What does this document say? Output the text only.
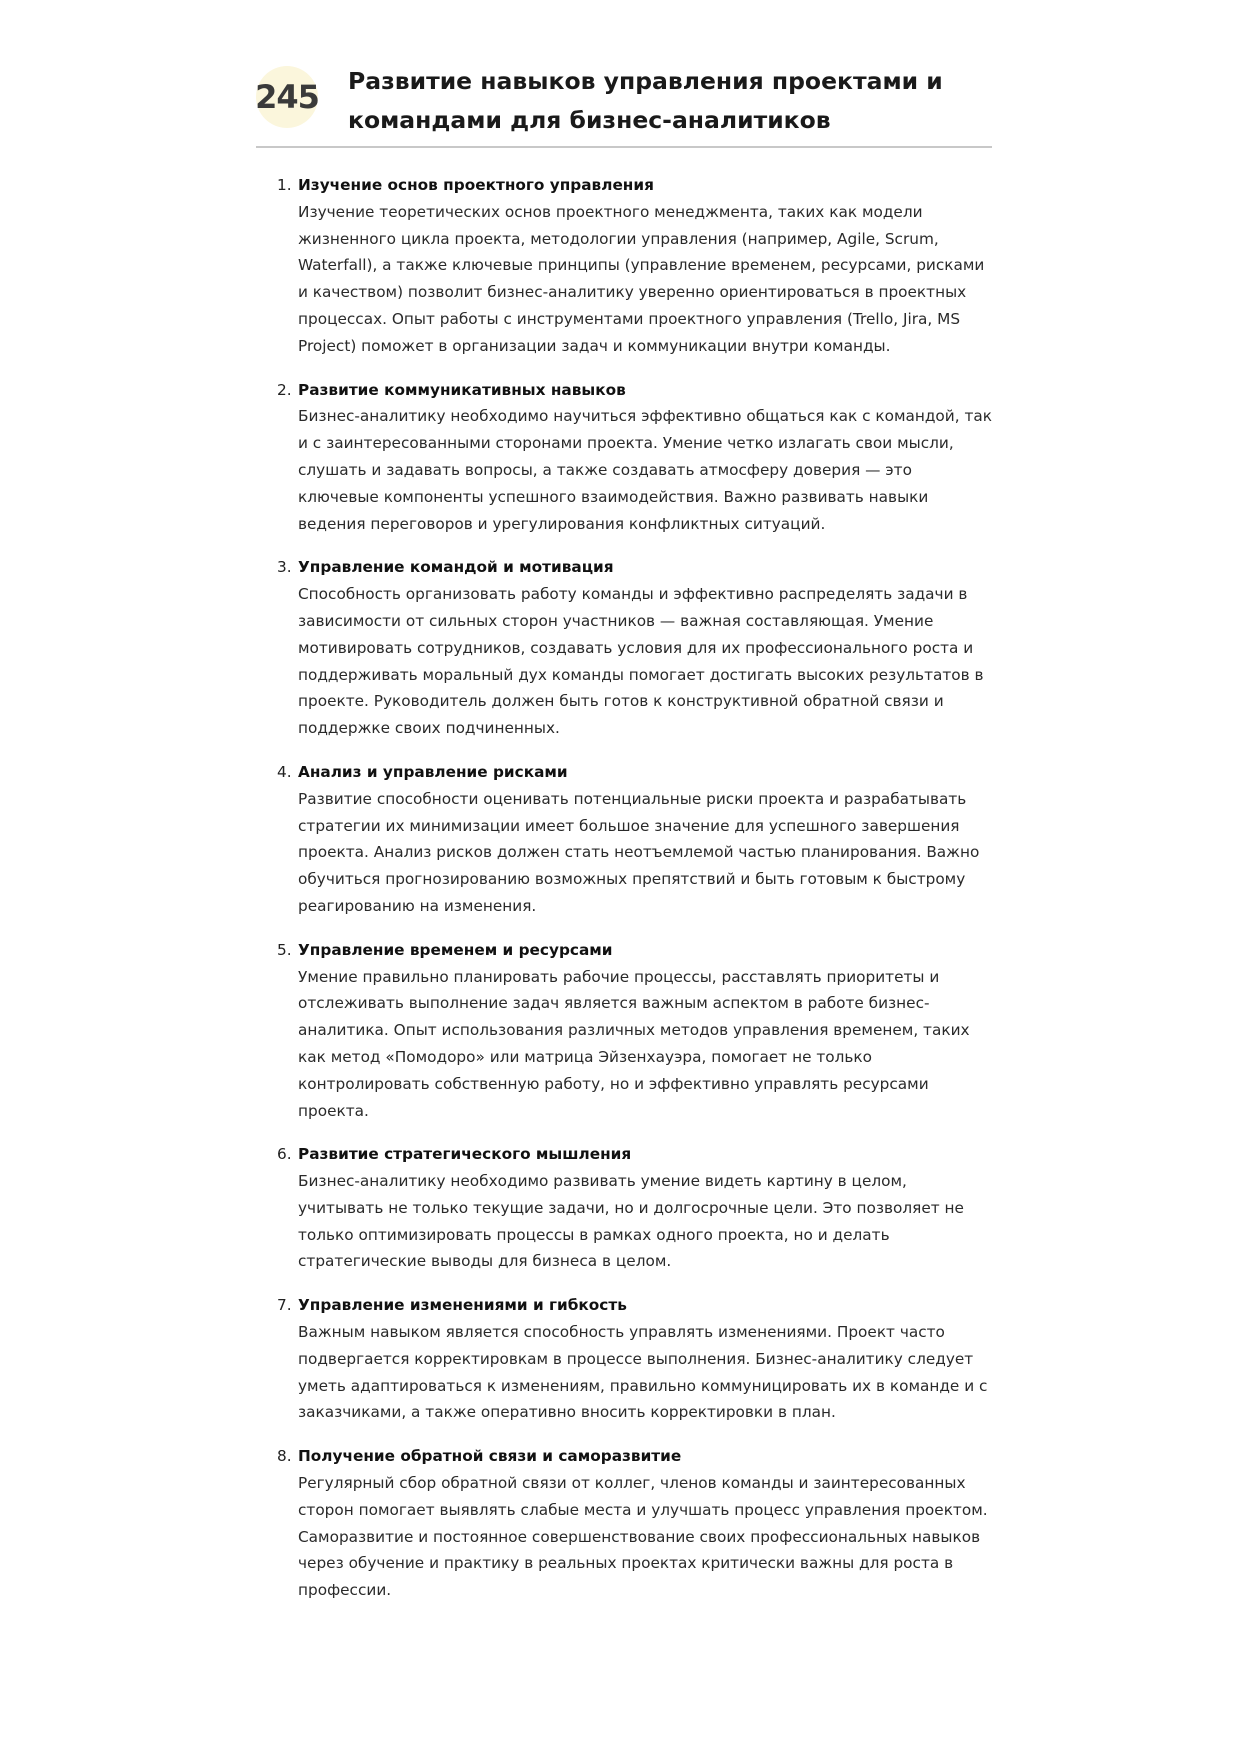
245 Развитие навыков управления проектами и командами для бизнес-аналитиков
1. Изучение основ проектного управления

Изучение теоретических основ проектного менеджмента, таких как модели жизненного цикла проекта, методологии управления (например, Agile, Scrum, Waterfall), а также ключевые принципы (управление временем, ресурсами, рисками и качеством) позволит бизнес-аналитику уверенно ориентироваться в проектных процессах. Опыт работы с инструментами проектного управления (Trello, Jira, MS Project) поможет в организации задач и коммуникации внутри команды.

2. Развитие коммуникативных навыков

Бизнес-аналитику необходимо научиться эффективно общаться как с командой, так и с заинтересованными сторонами проекта. Умение четко излагать свои мысли, слушать и задавать вопросы, а также создавать атмосферу доверия — это ключевые компоненты успешного взаимодействия. Важно развивать навыки ведения переговоров и урегулирования конфликтных ситуаций.

3. Управление командой и мотивация

Способность организовать работу команды и эффективно распределять задачи в зависимости от сильных сторон участников — важная составляющая. Умение мотивировать сотрудников, создавать условия для их профессионального роста и поддерживать моральный дух команды помогает достигать высоких результатов в проекте. Руководитель должен быть готов к конструктивной обратной связи и поддержке своих подчиненных.

4. Анализ и управление рисками

Развитие способности оценивать потенциальные риски проекта и разрабатывать стратегии их минимизации имеет большое значение для успешного завершения проекта. Анализ рисков должен стать неотъемлемой частью планирования. Важно обучиться прогнозированию возможных препятствий и быть готовым к быстрому реагированию на изменения.

5. Управление временем и ресурсами

Умение правильно планировать рабочие процессы, расставлять приоритеты и отслеживать выполнение задач является важным аспектом в работе бизнес-аналитика. Опыт использования различных методов управления временем, таких как метод «Помодоро» или матрица Эйзенхауэра, помогает не только контролировать собственную работу, но и эффективно управлять ресурсами проекта.

6. Развитие стратегического мышления

Бизнес-аналитику необходимо развивать умение видеть картину в целом, учитывать не только текущие задачи, но и долгосрочные цели. Это позволяет не только оптимизировать процессы в рамках одного проекта, но и делать стратегические выводы для бизнеса в целом.

7. Управление изменениями и гибкость

Важным навыком является способность управлять изменениями. Проект часто подвергается корректировкам в процессе выполнения. Бизнес-аналитику следует уметь адаптироваться к изменениям, правильно коммуницировать их в команде и с заказчиками, а также оперативно вносить корректировки в план.

8. Получение обратной связи и саморазвитие

Регулярный сбор обратной связи от коллег, членов команды и заинтересованных сторон помогает выявлять слабые места и улучшать процесс управления проектом. Саморазвитие и постоянное совершенствование своих профессиональных навыков через обучение и практику в реальных проектах критически важны для роста в профессии.
